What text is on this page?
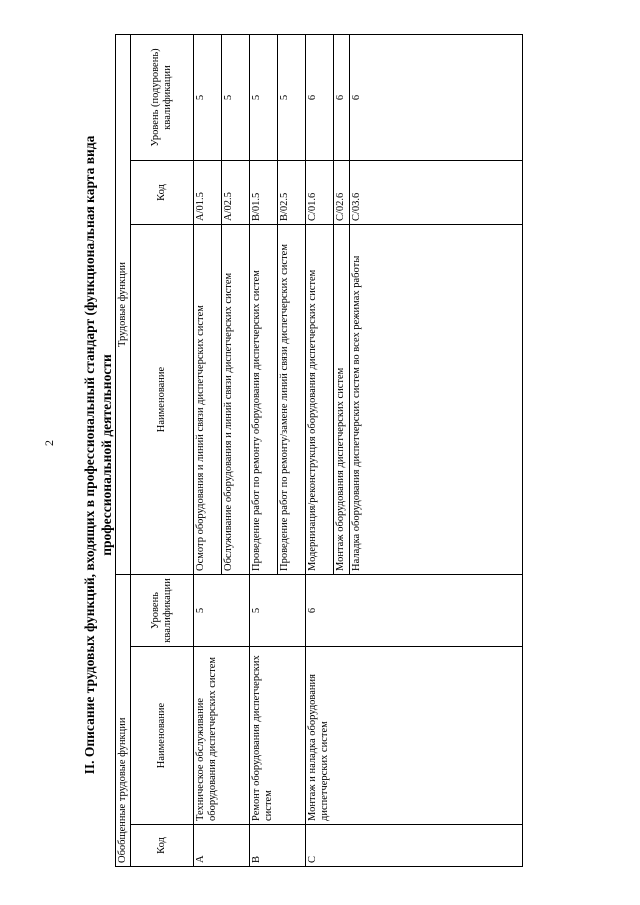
2 II. Описание трудовых функций, входящих в профессиональный стандарт (функциональная карта вида профессиональной деятельности
Обобщенные трудовые функции			Трудовые функции		
Код	Наименование	Уровень квалификации	Наименование	Код	Уровень (подуровень) квалификации
A	Техническое обслуживание оборудования диспетчерских систем	5	Осмотр оборудования и линий связи диспетчерских систем	A/01.5	5
			Обслуживание оборудования и линий связи диспетчерских систем	A/02.5	5
B	Ремонт оборудования диспетчерских систем	5	Проведение работ по ремонту оборудования диспетчерских систем	B/01.5	5
			Проведение работ по ремонту/замене линий связи диспетчерских систем	B/02.5	5
C	Монтаж и наладка оборудования диспетчерских систем	6	Модернизация/реконструкция оборудования диспетчерских систем	C/01.6	6
			Монтаж оборудования диспетчерских систем	C/02.6	6
			Наладка оборудования диспетчерских систем во всех режимах работы	C/03.6	6
